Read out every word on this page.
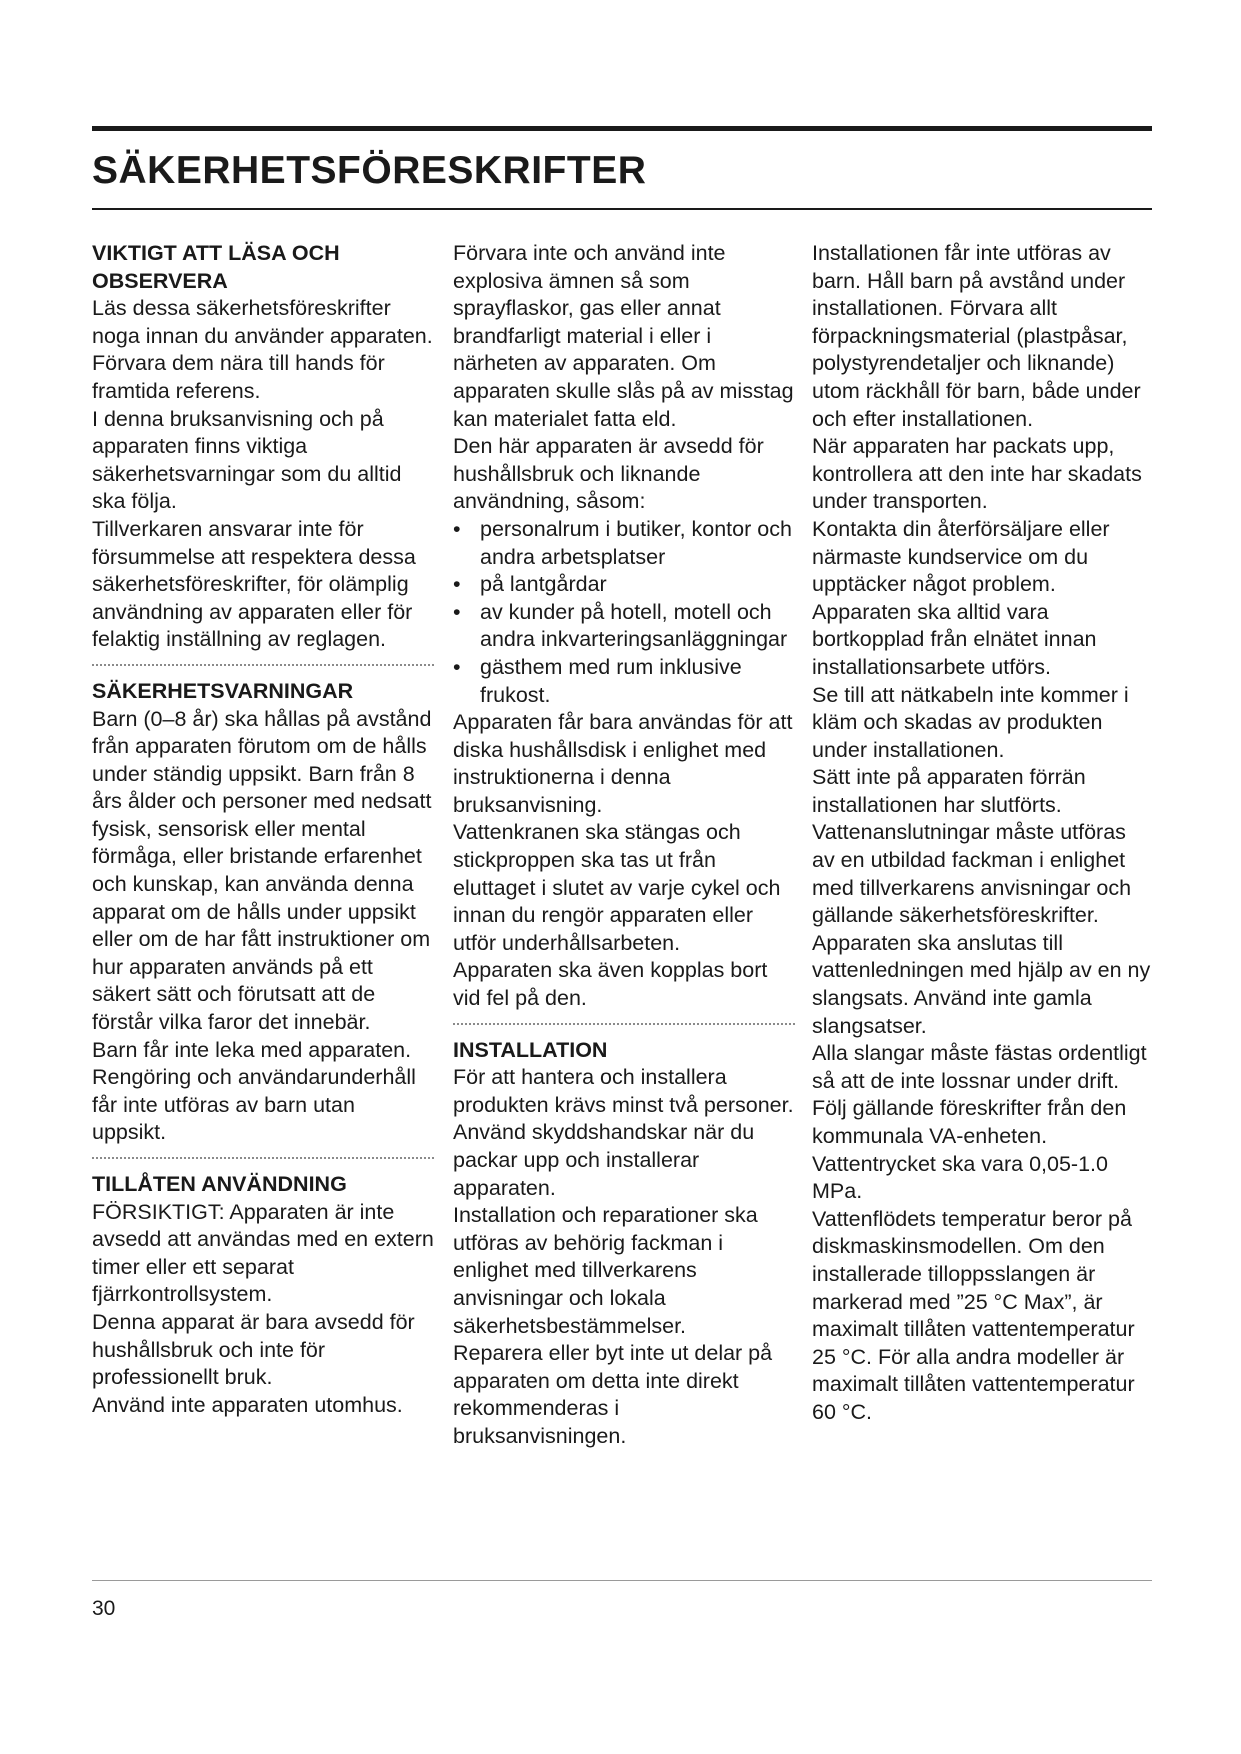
SÄKERHETSFÖRESKRIFTER
VIKTIGT ATT LÄSA OCH OBSERVERA

Läs dessa säkerhetsföreskrifter noga innan du använder apparaten.

Förvara dem nära till hands för framtida referens.

I denna bruksanvisning och på apparaten finns viktiga säkerhetsvarningar som du alltid ska följa.

Tillverkaren ansvarar inte för försummelse att respektera dessa säkerhetsföreskrifter, för olämplig användning av apparaten eller för felaktig inställning av reglagen.

SÄKERHETSVARNINGAR

Barn (0–8 år) ska hållas på avstånd från apparaten förutom om de hålls under ständig uppsikt. Barn från 8 års ålder och personer med nedsatt fysisk, sensorisk eller mental förmåga, eller bristande erfarenhet och kunskap, kan använda denna apparat om de hålls under uppsikt eller om de har fått instruktioner om hur apparaten används på ett säkert sätt och förutsatt att de förstår vilka faror det innebär.

Barn får inte leka med apparaten. Rengöring och användarunderhåll får inte utföras av barn utan uppsikt.

TILLÅTEN ANVÄNDNING

FÖRSIKTIGT: Apparaten är inte avsedd att användas med en extern timer eller ett separat fjärrkontrollsystem.

Denna apparat är bara avsedd för hushållsbruk och inte för professionellt bruk.

Använd inte apparaten utomhus.

Förvara inte och använd inte explosiva ämnen så som sprayflaskor, gas eller annat brandfarligt material i eller i närheten av apparaten. Om apparaten skulle slås på av misstag kan materialet fatta eld.

Den här apparaten är avsedd för hushållsbruk och liknande användning, såsom:

• personalrum i butiker, kontor och andra arbetsplatser
• på lantgårdar
• av kunder på hotell, motell och andra inkvarteringsanläggningar
• gästhem med rum inklusive frukost.

Apparaten får bara användas för att diska hushållsdisk i enlighet med instruktionerna i denna bruksanvisning.

Vattenkranen ska stängas och stickproppen ska tas ut från eluttaget i slutet av varje cykel och innan du rengör apparaten eller utför underhållsarbeten.

Apparaten ska även kopplas bort vid fel på den.

INSTALLATION

För att hantera och installera produkten krävs minst två personer. Använd skyddshandskar när du packar upp och installerar apparaten.

Installation och reparationer ska utföras av behörig fackman i enlighet med tillverkarens anvisningar och lokala säkerhetsbestämmelser.

Reparera eller byt inte ut delar på apparaten om detta inte direkt rekommenderas i bruksanvisningen.

Installationen får inte utföras av barn. Håll barn på avstånd under installationen. Förvara allt förpackningsmaterial (plastpåsar, polystyrendetaljer och liknande) utom räckhåll för barn, både under och efter installationen.

När apparaten har packats upp, kontrollera att den inte har skadats under transporten.

Kontakta din återförsäljare eller närmaste kundservice om du upptäcker något problem.

Apparaten ska alltid vara bortkopplad från elnätet innan installationsarbete utförs.

Se till att nätkabeln inte kommer i kläm och skadas av produkten under installationen.

Sätt inte på apparaten förrän installationen har slutförts.

Vattenanslutningar måste utföras av en utbildad fackman i enlighet med tillverkarens anvisningar och gällande säkerhetsföreskrifter.

Apparaten ska anslutas till vattenledningen med hjälp av en ny slangsats. Använd inte gamla slangsatser.

Alla slangar måste fästas ordentligt så att de inte lossnar under drift.

Följ gällande föreskrifter från den kommunala VA-enheten.

Vattentrycket ska vara 0,05-1.0 MPa.

Vattenflödets temperatur beror på diskmaskinsmodellen. Om den installerade tilloppsslangen är markerad med ”25 °C Max”, är maximalt tillåten vattentemperatur 25 °C. För alla andra modeller är maximalt tillåten vattentemperatur 60 °C.

30
